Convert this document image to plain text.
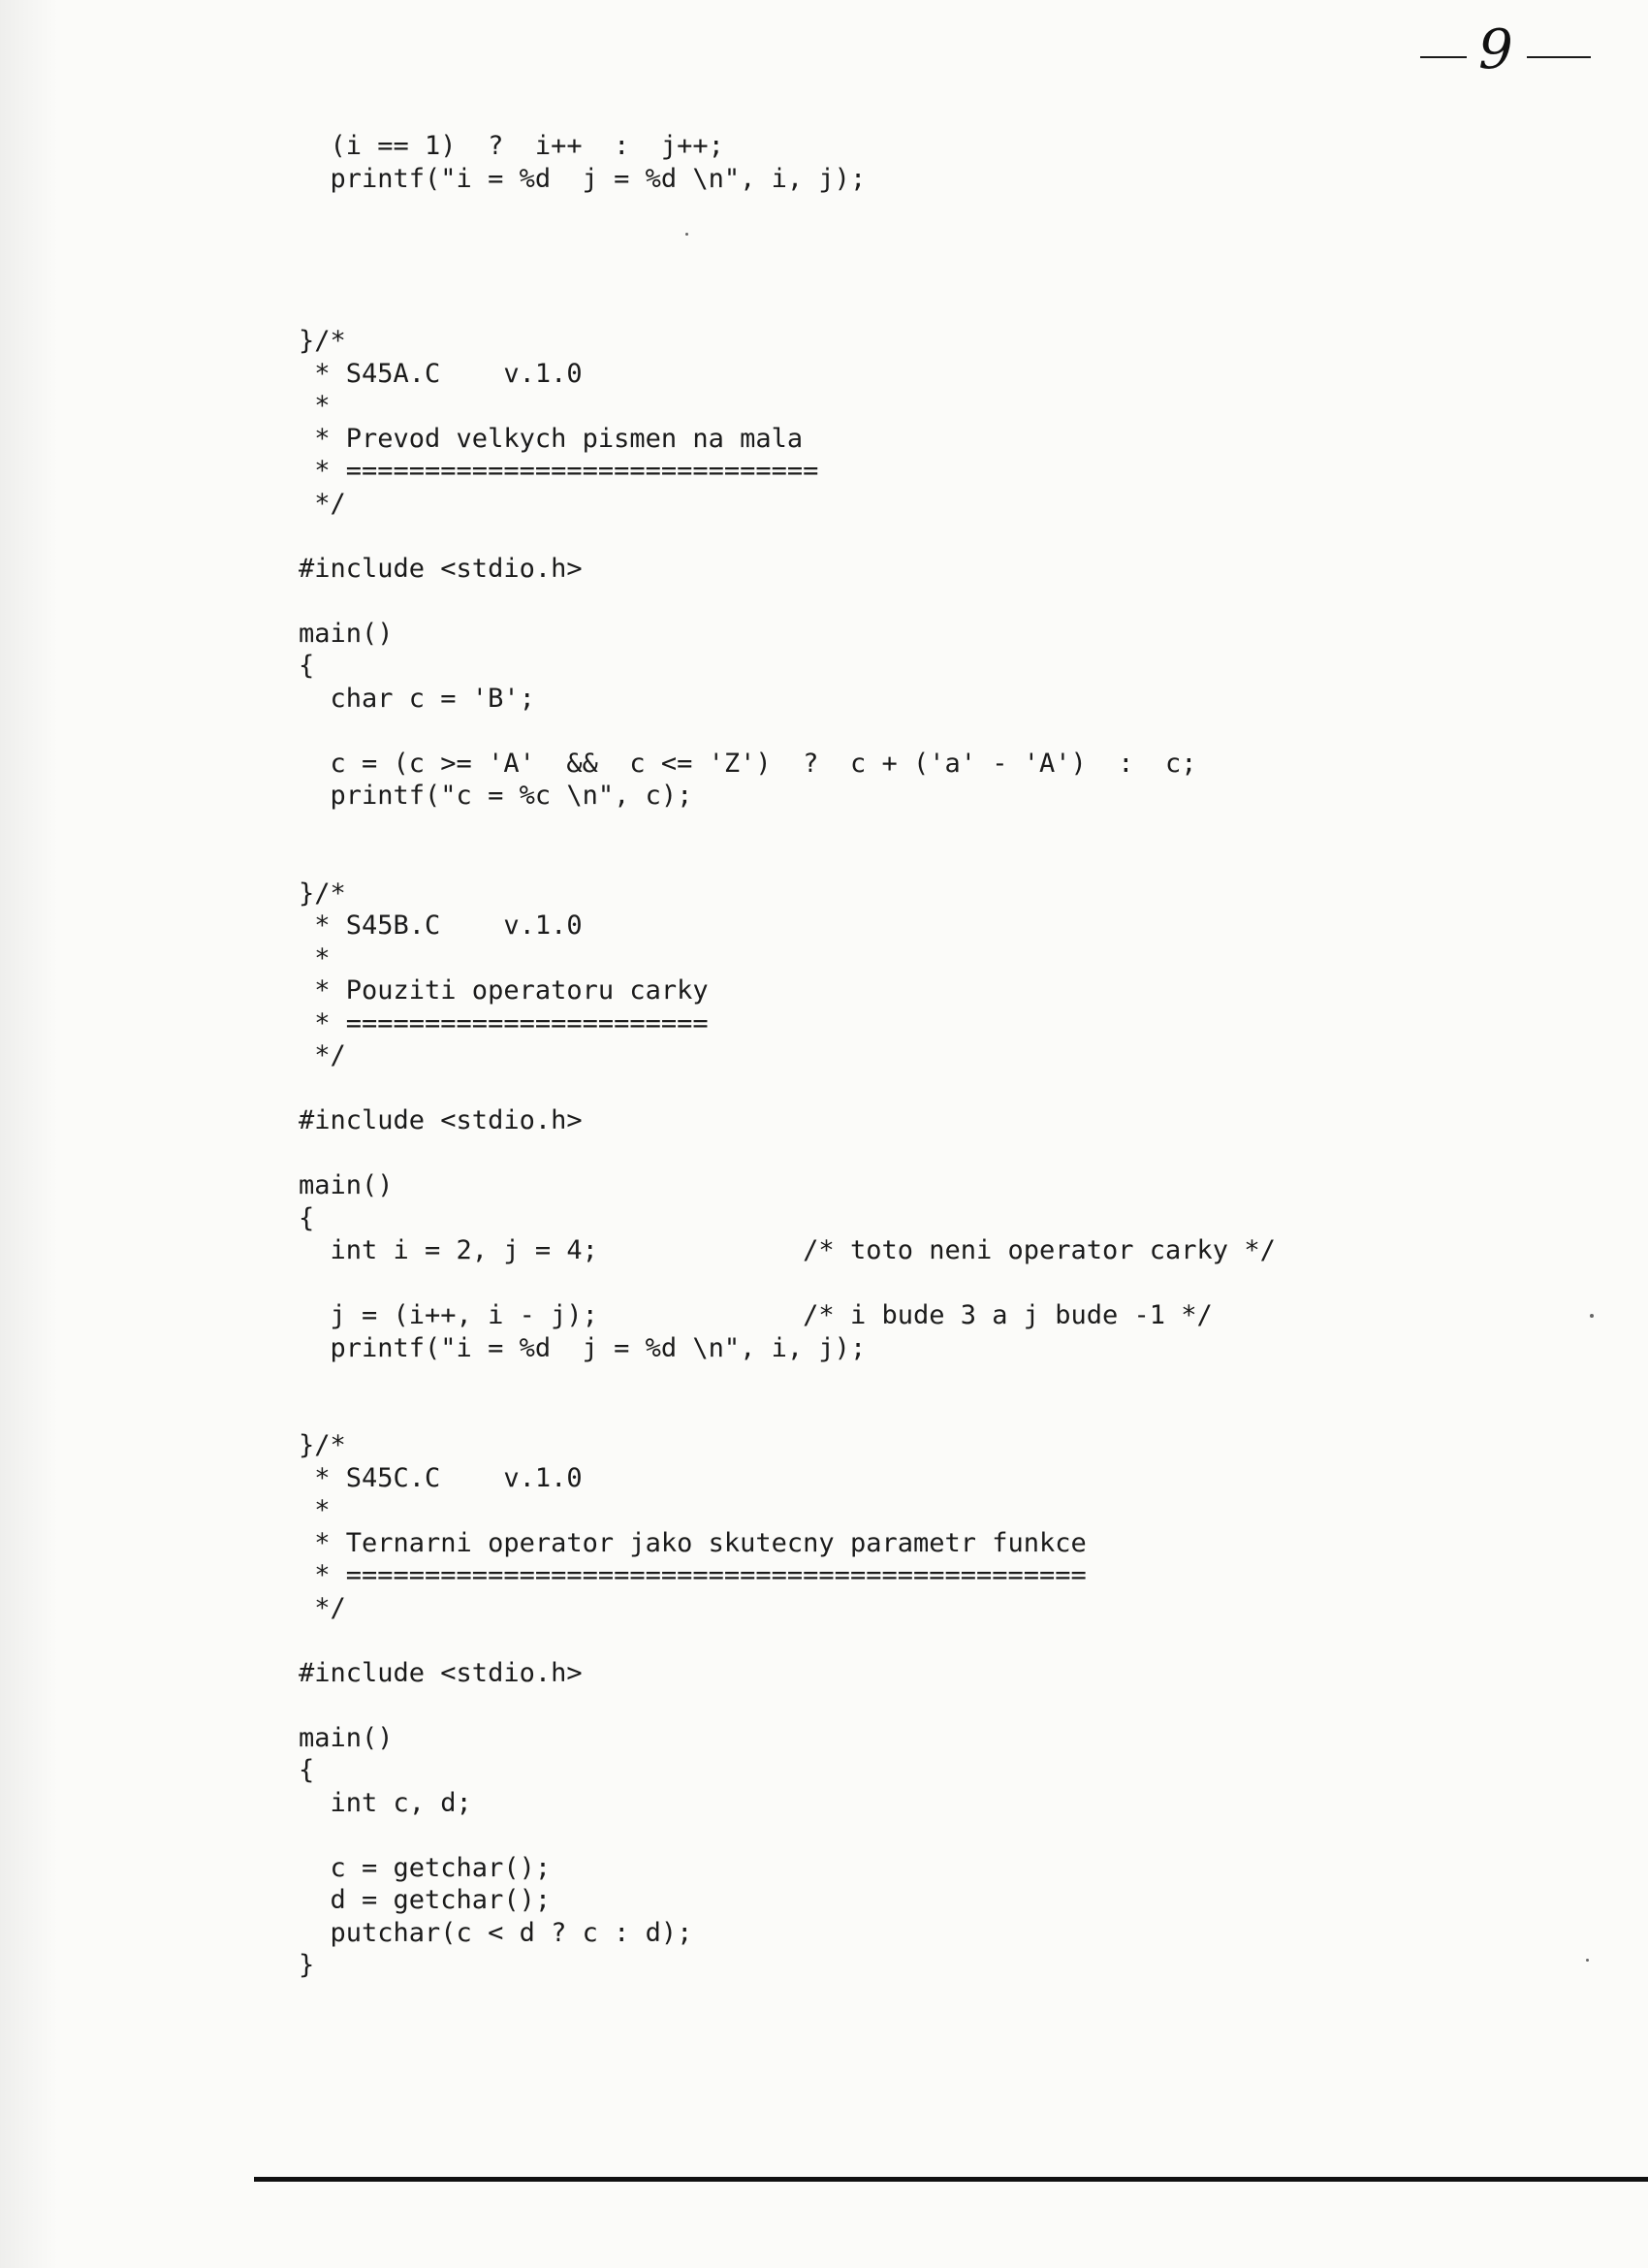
9
(i == 1)  ?  i++  :  j++;
printf("i = %d  j = %d \n", i, j);
}/*
* S45A.C    v.1.0
*
* Prevod velkych pismen na mala
* ==============================
*/
#include <stdio.h>
main()
{
char c = 'B';
c = (c >= 'A'  &&  c <= 'Z')  ?  c + ('a' - 'A')  :  c;
printf("c = %c \n", c);
}/*
* S45B.C    v.1.0
*
* Pouziti operatoru carky
* =======================
*/
#include <stdio.h>
main()
{
int i = 2, j = 4;             /* toto neni operator carky */
j = (i++, i - j);             /* i bude 3 a j bude -1 */
printf("i = %d  j = %d \n", i, j);
}/*
* S45C.C    v.1.0
*
* Ternarni operator jako skutecny parametr funkce
* ===============================================
*/
#include <stdio.h>
main()
{
int c, d;
c = getchar();
d = getchar();
putchar(c < d ? c : d);
}
